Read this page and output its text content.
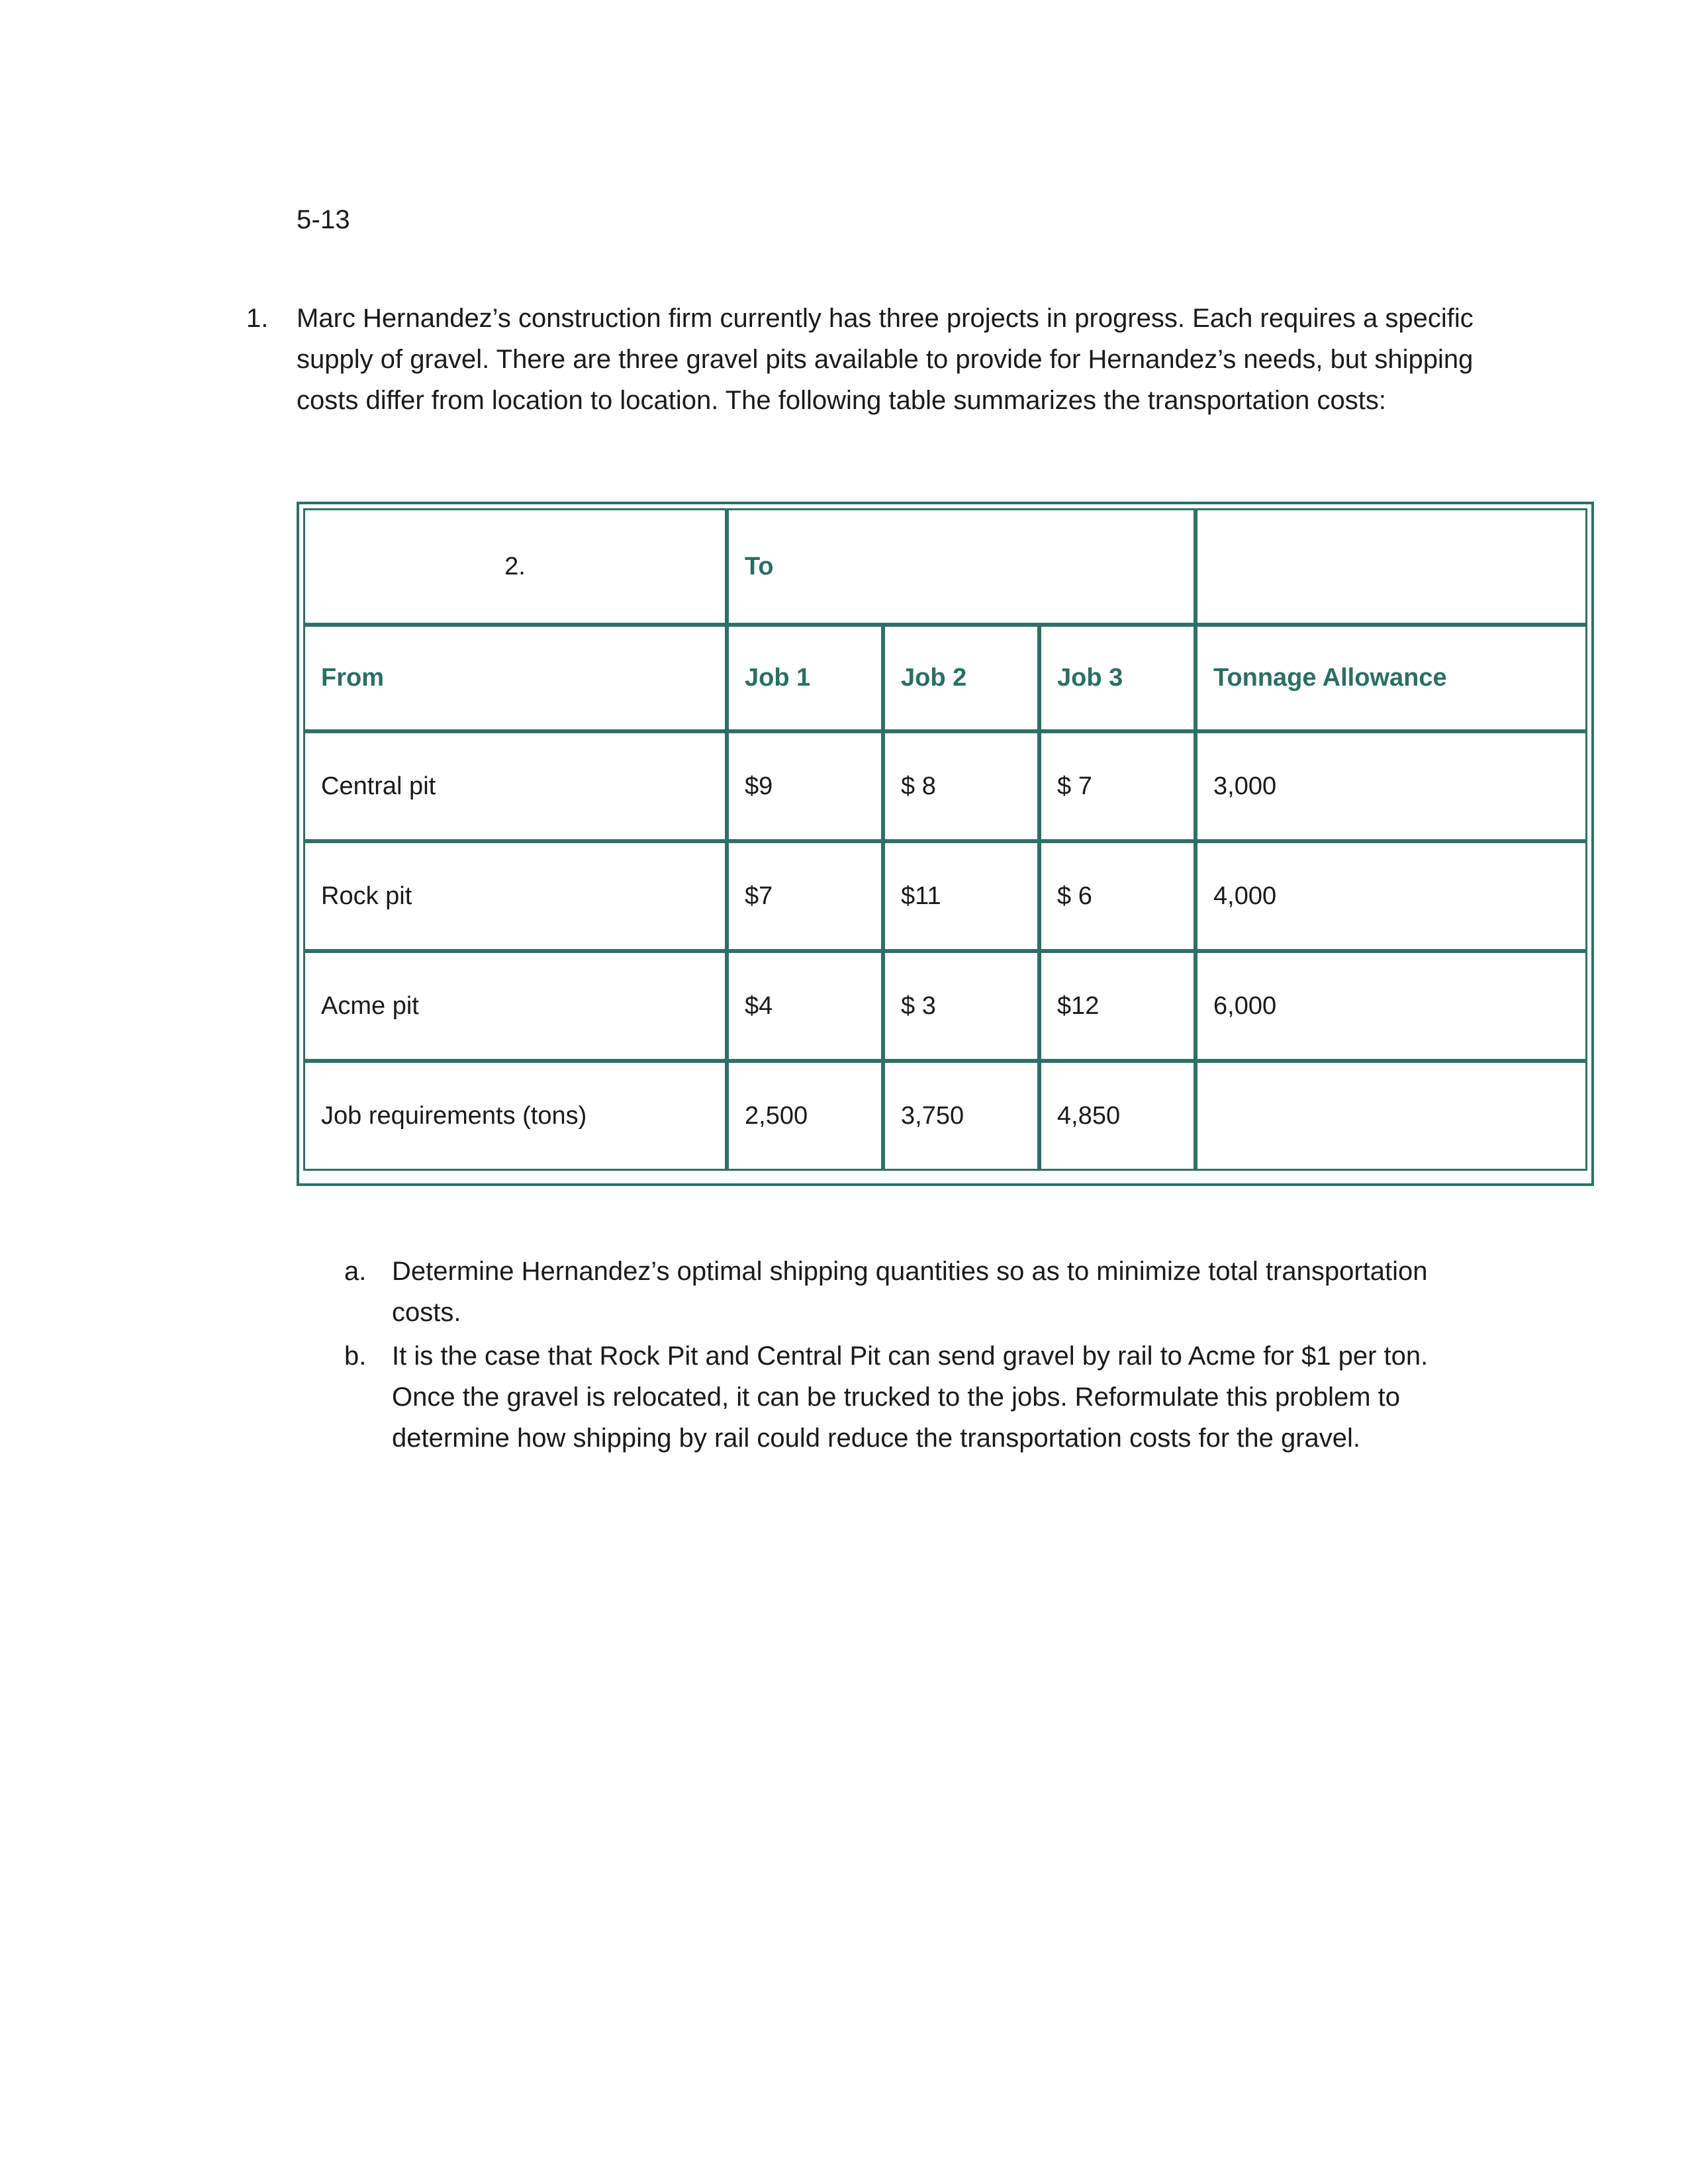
5-13
1.	Marc Hernandez’s construction firm currently has three projects in progress. Each requires a specific supply of gravel. There are three gravel pits available to provide for Hernandez’s needs, but shipping costs differ from location to location. The following table summarizes the transportation costs:
2.	To			
From	Job 1	Job 2	Job 3	Tonnage Allowance
Central pit	$9	$ 8	$ 7	3,000
Rock pit	$7	$11	$ 6	4,000
Acme pit	$4	$ 3	$12	6,000
Job requirements (tons)	2,500	3,750	4,850	
a. Determine Hernandez’s optimal shipping quantities so as to minimize total transportation costs.
b. It is the case that Rock Pit and Central Pit can send gravel by rail to Acme for $1 per ton. Once the gravel is relocated, it can be trucked to the jobs. Reformulate this problem to determine how shipping by rail could reduce the transportation costs for the gravel.
